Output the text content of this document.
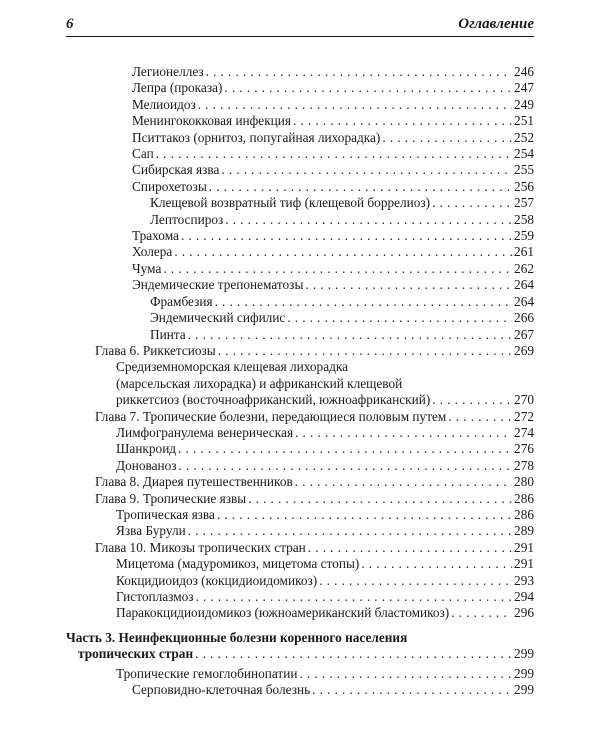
6	Оглавление
Легионеллез . . .	246
Лепра (проказа) . . .	247
Мелиоидоз . . .	249
Менингококковая инфекция . . .	251
Пситтакоз (орнитоз, попугайная лихорадка) . . .	252
Сап . . .	254
Сибирская язва . . .	255
Спирохетозы . . .	256
Клещевой возвратный тиф (клещевой боррелиоз) . . .	257
Лептоспироз . . .	258
Трахома . . .	259
Холера . . .	261
Чума . . .	262
Эндемические трепонематозы . . .	264
Фрамбезия . . .	264
Эндемический сифилис . . .	266
Пинта . . .	267
Глава 6. Риккетсиозы . . .	269
Средиземноморская клещевая лихорадка
(марсельская лихорадка) и африканский клещевой
риккетсиоз (восточноафриканский, южноафриканский) . . .	270
Глава 7. Тропические болезни, передающиеся половым путем . . .	272
Лимфогранулема венерическая . . .	274
Шанкроид . . .	276
Донованоз . . .	278
Глава 8. Диарея путешественников . . .	280
Глава 9. Тропические язвы . . .	286
Тропическая язва . . .	286
Язва Бурули . . .	289
Глава 10. Микозы тропических стран . . .	291
Мицетома (мадуромикоз, мицетома стопы) . . .	291
Кокцидиоидоз (кокцидиоидомикоз) . . .	293
Гистоплазмоз . . .	294
Паракокцидиоидомикоз (южноамериканский бластомикоз) . . .	296
Часть 3. Неинфекционные болезни коренного населения
тропических стран . . .	299
Тропические гемоглобинопатии . . .	299
Серповидно-клеточная болезнь . . .	299
